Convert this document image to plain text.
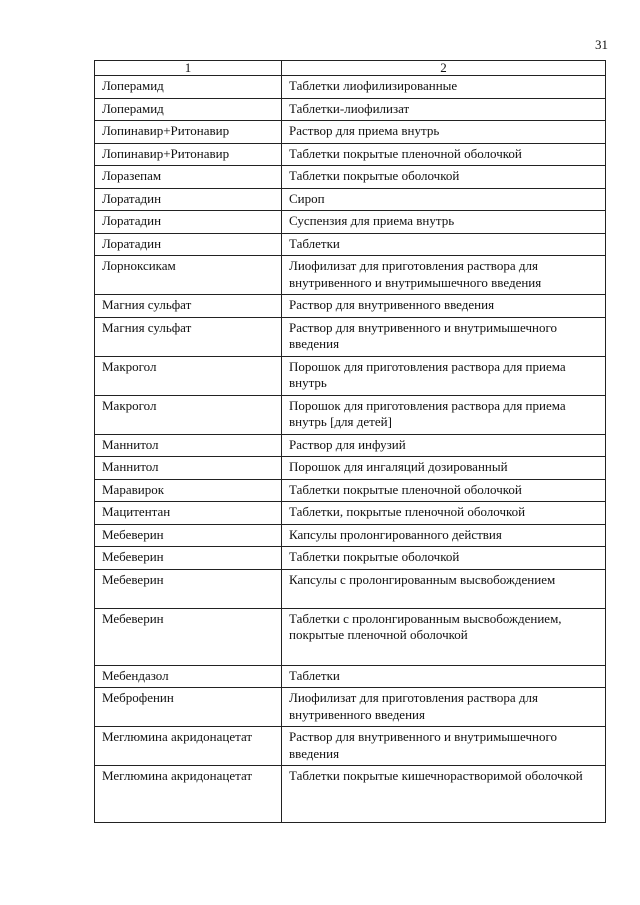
31
1	2
Лоперамид	Таблетки лиофилизированные
Лоперамид	Таблетки-лиофилизат
Лопинавир+Ритонавир	Раствор для приема внутрь
Лопинавир+Ритонавир	Таблетки покрытые пленочной оболочкой
Лоразепам	Таблетки покрытые оболочкой
Лоратадин	Сироп
Лоратадин	Суспензия для приема внутрь
Лоратадин	Таблетки
Лорноксикам	Лиофилизат для приготовления раствора для внутривенного и внутримышечного введения
Магния сульфат	Раствор для внутривенного введения
Магния сульфат	Раствор для внутривенного и внутримышечного введения
Макрогол	Порошок для приготовления раствора для приема внутрь
Макрогол	Порошок для приготовления раствора для приема внутрь [для детей]
Маннитол	Раствор для инфузий
Маннитол	Порошок для ингаляций дозированный
Маравирок	Таблетки покрытые пленочной оболочкой
Мацитентан	Таблетки, покрытые пленочной оболочкой
Мебеверин	Капсулы пролонгированного действия
Мебеверин	Таблетки покрытые оболочкой
Мебеверин	Капсулы с пролонгированным высвобождением
Мебеверин	Таблетки с пролонгированным высвобождением, покрытые пленочной оболочкой
Мебендазол	Таблетки
Меброфенин	Лиофилизат для приготовления раствора для внутривенного введения
Меглюмина акридонацетат	Раствор для внутривенного и внутримышечного введения
Меглюмина акридонацетат	Таблетки покрытые кишечнорастворимой оболочкой
